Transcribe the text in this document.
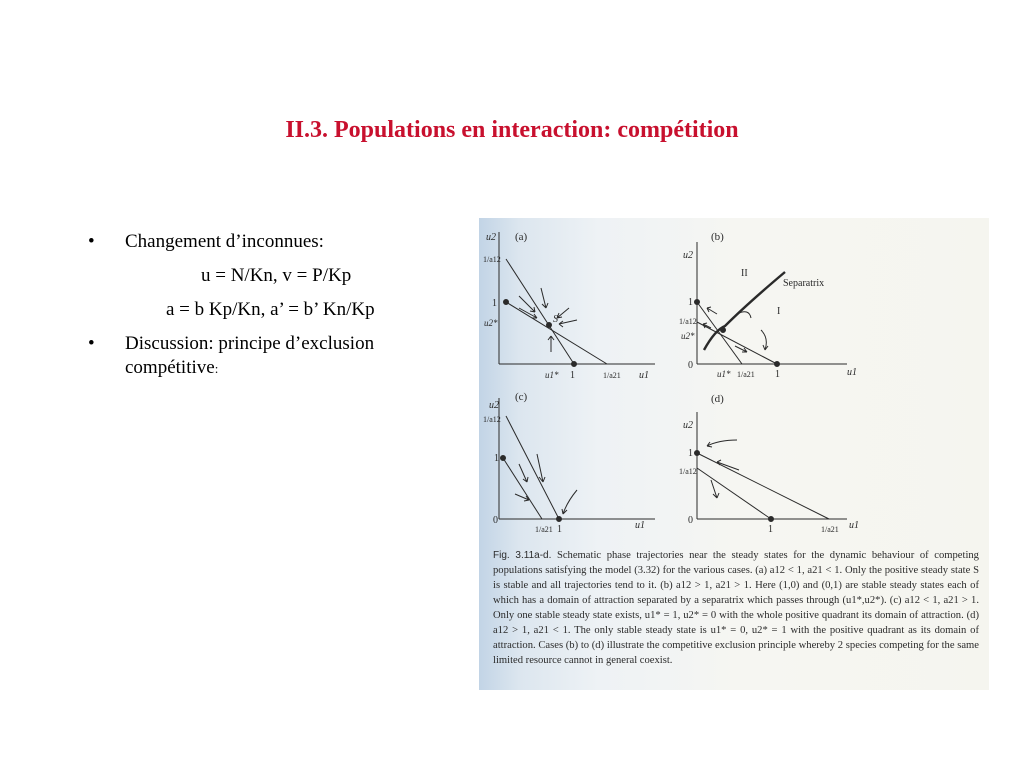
II.3. Populations en interaction: compétition
• Changement d’inconnues:
u = N/Kn, v = P/Kp
a = b Kp/Kn, a’ = b’ Kn/Kp
• Discussion: principe d’exclusion compétitive:
(a)
u2
1/a12
1
u2*
u1* 1	1/a21 u1
S
(b)
u2
1
1/a12
u2*
0
u1* 1/a21 1	u1
II
I
Separatrix
(c)
u2
1/a12
1
0
1/a21 1	u1
(d)
u2
1
1/a12
0
1	1/a21 u1
Fig. 3.11a-d. Schematic phase trajectories near the steady states for the dynamic behaviour of competing populations satisfying the model (3.32) for the various cases. (a) a12 < 1, a21 < 1. Only the positive steady state S is stable and all trajectories tend to it. (b) a12 > 1, a21 > 1. Here (1,0) and (0,1) are stable steady states each of which has a domain of attraction separated by a separatrix which passes through (u1*,u2*). (c) a12 < 1, a21 > 1. Only one stable steady state exists, u1* = 1, u2* = 0 with the whole positive quadrant its domain of attraction. (d) a12 > 1, a21 < 1. The only stable steady state is u1* = 0, u2* = 1 with the positive quadrant as its domain of attraction. Cases (b) to (d) illustrate the competitive exclusion principle whereby 2 species competing for the same limited resource cannot in general coexist.
